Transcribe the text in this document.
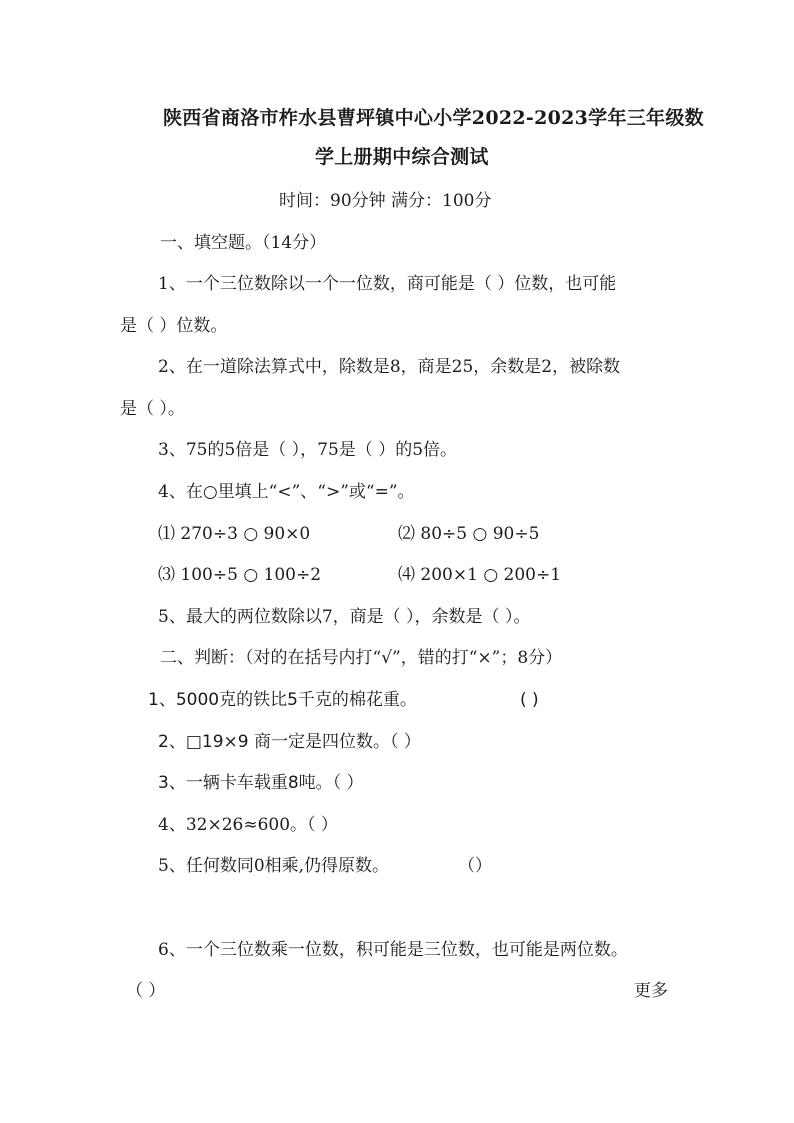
陕西省商洛市柞水县曹坪镇中心小学2022-2023学年三年级数
学上册期中综合测试
时间：90分钟 满分：100分
一、填空题。（14分）
1、一个三位数除以一个一位数，商可能是（ ）位数，也可能
是（ ）位数。
2、在一道除法算式中，除数是8，商是25，余数是2，被除数
是（ ）。
3、75的5倍是（ ），75是（ ）的5倍。
4、在○里填上“<”、“>”或“=”。
⑴ 270÷3 ○ 90×0	⑵ 80÷5 ○ 90÷5
⑶ 100÷5 ○ 100÷2	⑷ 200×1 ○ 200÷1
5、最大的两位数除以7，商是（ ），余数是（ ）。
二、判断：（对的在括号内打“√”，错的打“×”；8分）
1、5000克的铁比5千克的棉花重。	( )
2、□19×9 商一定是四位数。（ ）
3、一辆卡车载重8吨。（ ）
4、32×26≈600。（ ）
5、任何数同0相乘,仍得原数。	（）
6、一个三位数乘一位数，积可能是三位数，也可能是两位数。
（ ）	更多
